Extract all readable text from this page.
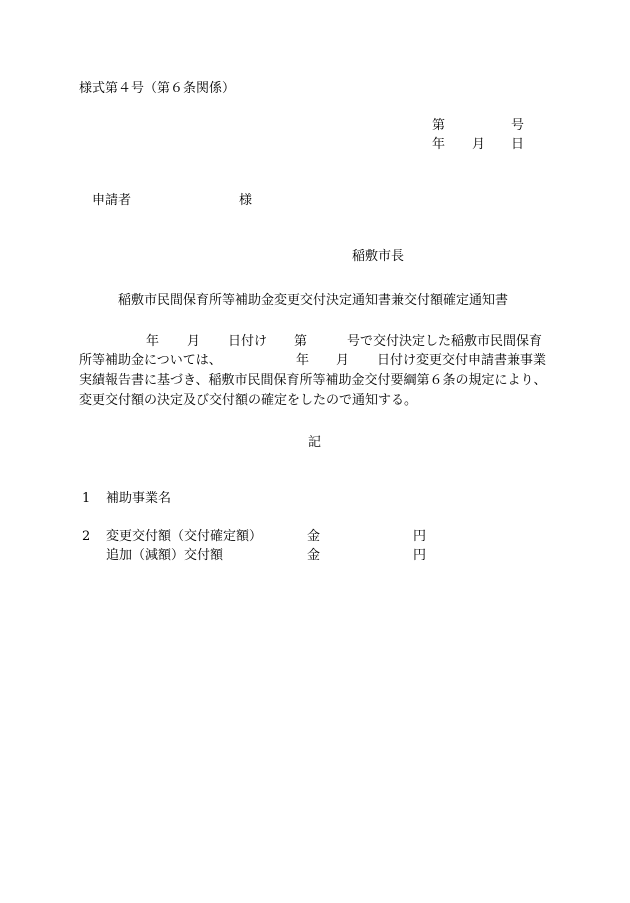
様式第４号（第６条関係）
第	号
年 月 日
申請者	様
稲敷市長
稲敷市民間保育所等補助金変更交付決定通知書兼交付額確定通知書
年 月 日付け 第	号で交付決定した稲敷市民間保育
所等補助金については、	年 月 日付け変更交付申請書兼事業
実績報告書に基づき、稲敷市民間保育所等補助金交付要綱第６条の規定により、
変更交付額の決定及び交付額の確定をしたので通知する。
記
1 補助事業名
2 変更交付額（交付確定額）	金	円
追加（減額）交付額	金	円
